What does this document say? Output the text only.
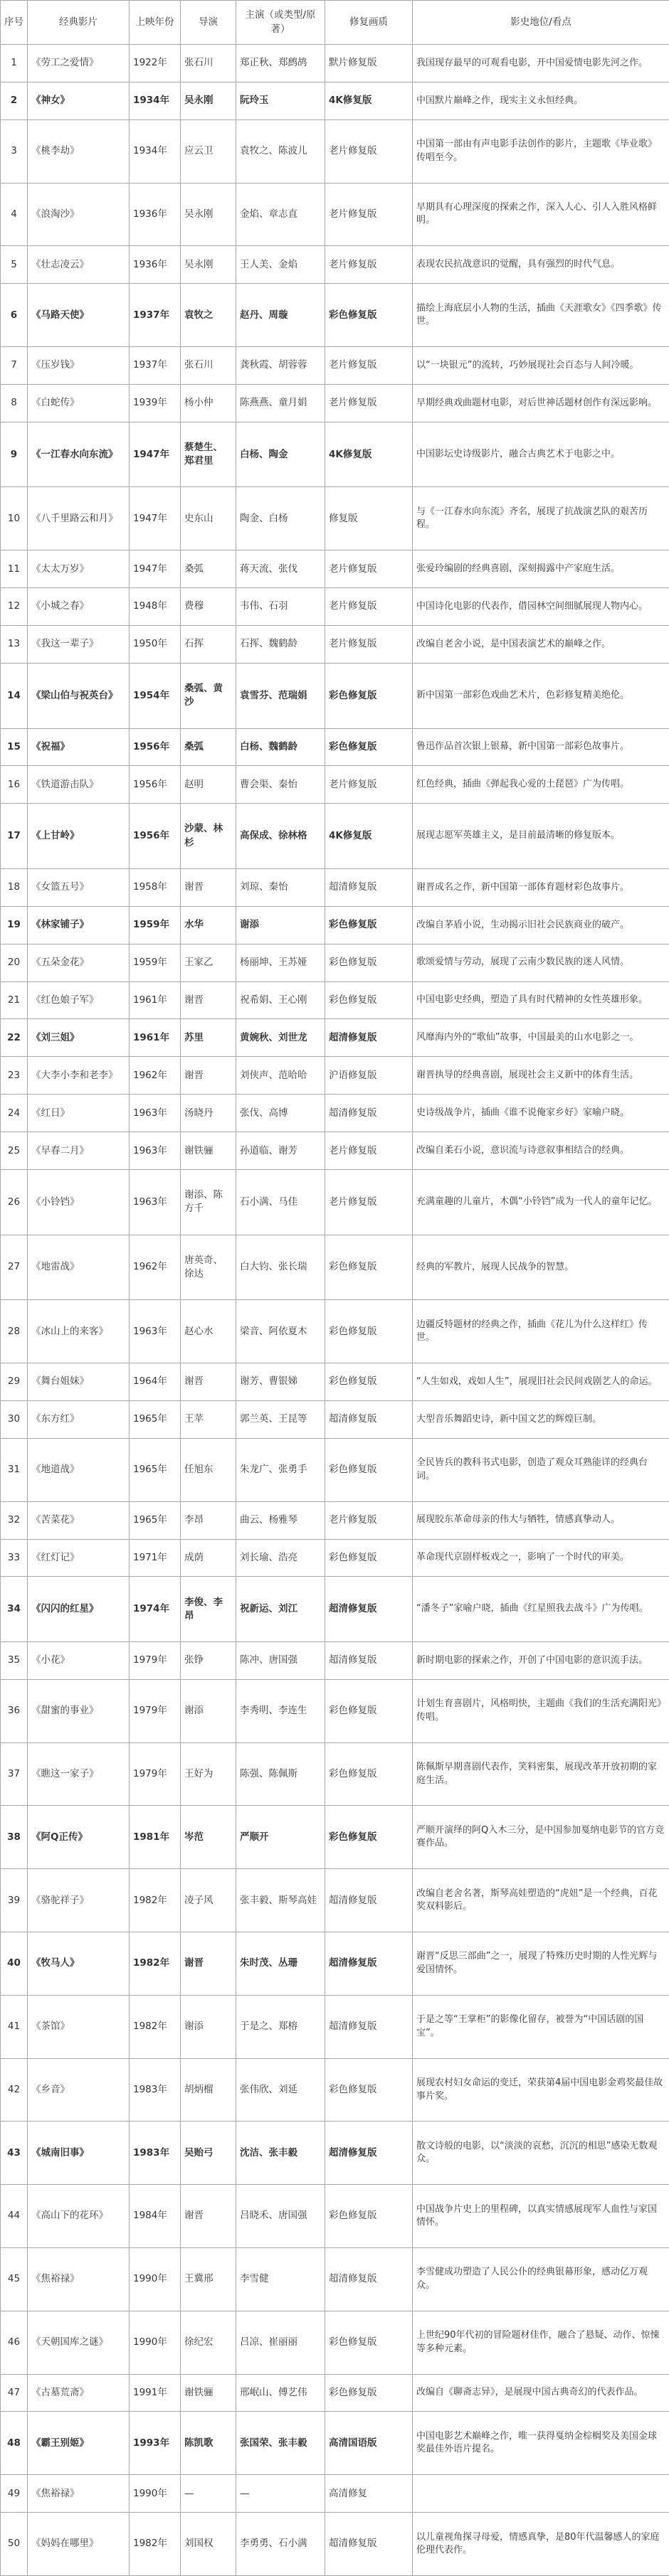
序号	经典影片	上映年份	导演	主演（或类型/原著）	修复画质	影史地位/看点
1	《劳工之爱情》	1922年	张石川	郑正秋、郑鹧鸪	默片修复版	我国现存最早的可观看电影，开中国爱情电影先河之作。
2	《神女》	1934年	吴永刚	阮玲玉	4K修复版	中国默片巅峰之作，现实主义永恒经典。
3	《桃李劫》	1934年	应云卫	袁牧之、陈波儿	老片修复版	中国第一部由有声电影手法创作的影片，主题歌《毕业歌》传唱至今。
4	《浪淘沙》	1936年	吴永刚	金焰、章志直	老片修复版	早期具有心理深度的探索之作，深入人心、引人入胜风格鲜明。
5	《壮志凌云》	1936年	吴永刚	王人美、金焰	老片修复版	表现农民抗战意识的觉醒，具有强烈的时代气息。
6	《马路天使》	1937年	袁牧之	赵丹、周璇	彩色修复版	描绘上海底层小人物的生活，插曲《天涯歌女》《四季歌》传世。
7	《压岁钱》	1937年	张石川	龚秋霞、胡蓉蓉	老片修复版	以“一块银元”的流转，巧妙展现社会百态与人间冷暖。
8	《白蛇传》	1939年	杨小仲	陈燕燕、童月娟	老片修复版	早期经典戏曲题材电影，对后世神话题材创作有深远影响。
9	《一江春水向东流》	1947年	蔡楚生、郑君里	白杨、陶金	4K修复版	中国影坛史诗级影片，融合古典艺术于电影之中。
10	《八千里路云和月》	1947年	史东山	陶金、白杨	修复版	与《一江春水向东流》齐名，展现了抗战演艺队的艰苦历程。
11	《太太万岁》	1947年	桑弧	蒋天流、张伐	老片修复版	张爱玲编剧的经典喜剧，深刻揭露中产家庭生活。
12	《小城之春》	1948年	费穆	韦伟、石羽	老片修复版	中国诗化电影的代表作，借园林空间细腻展现人物内心。
13	《我这一辈子》	1950年	石挥	石挥、魏鹤龄	老片修复版	改编自老舍小说，是中国表演艺术的巅峰之作。
14	《梁山伯与祝英台》	1954年	桑弧、黄沙	袁雪芬、范瑞娟	彩色修复版	新中国第一部彩色戏曲艺术片，色彩修复精美绝伦。
15	《祝福》	1956年	桑弧	白杨、魏鹤龄	彩色修复版	鲁迅作品首次银上银幕，新中国第一部彩色故事片。
16	《铁道游击队》	1956年	赵明	曹会渠、秦怡	老片修复版	红色经典，插曲《弹起我心爱的土琵琶》广为传唱。
17	《上甘岭》	1956年	沙蒙、林杉	高保成、徐林格	4K修复版	展现志愿军英雄主义，是目前最清晰的修复版本。
18	《女篮五号》	1958年	谢晋	刘琼、秦怡	超清修复版	谢晋成名之作，新中国第一部体育题材彩色故事片。
19	《林家铺子》	1959年	水华	谢添	彩色修复版	改编自茅盾小说，生动揭示旧社会民族商业的破产。
20	《五朵金花》	1959年	王家乙	杨丽坤、王苏娅	彩色修复版	歌颂爱情与劳动，展现了云南少数民族的迷人风情。
21	《红色娘子军》	1961年	谢晋	祝希娟、王心刚	彩色修复版	中国电影史经典，塑造了具有时代精神的女性英雄形象。
22	《刘三姐》	1961年	苏里	黄婉秋、刘世龙	超清修复版	风靡海内外的“歌仙”故事，中国最美的山水电影之一。
23	《大李小李和老李》	1962年	谢晋	刘侠声、范哈哈	沪语修复版	谢晋执导的经典喜剧，展现社会主义新中的体育生活。
24	《红日》	1963年	汤晓丹	张伐、高博	超清修复版	史诗级战争片，插曲《谁不说俺家乡好》家喻户晓。
25	《早春二月》	1963年	谢铁骊	孙道临、谢芳	老片修复版	改编自柔石小说，意识流与诗意叙事相结合的经典。
26	《小铃铛》	1963年	谢添、陈方千	石小满、马佳	老片修复版	充满童趣的儿童片，木偶“小铃铛”成为一代人的童年记忆。
27	《地雷战》	1962年	唐英奇、徐达	白大钧、张长瑞	彩色修复版	经典的军教片，展现人民战争的智慧。
28	《冰山上的来客》	1963年	赵心水	梁音、阿依夏木	彩色修复版	边疆反特题材的经典之作，插曲《花儿为什么这样红》传世。
29	《舞台姐妹》	1964年	谢晋	谢芳、曹银娣	彩色修复版	“人生如戏，戏如人生”，展现旧社会民间戏剧艺人的命运。
30	《东方红》	1965年	王苹	郭兰英、王昆等	超清修复版	大型音乐舞蹈史诗，新中国文艺的辉煌巨制。
31	《地道战》	1965年	任旭东	朱龙广、张勇手	彩色修复版	全民皆兵的教科书式电影，创造了观众耳熟能详的经典台词。
32	《苦菜花》	1965年	李昂	曲云、杨雅琴	老片修复版	展现胶东革命母亲的伟大与牺牲，情感真挚动人。
33	《红灯记》	1971年	成荫	刘长瑜、浩亮	彩色修复版	革命现代京剧样板戏之一，影响了一个时代的审美。
34	《闪闪的红星》	1974年	李俊、李昂	祝新运、刘江	超清修复版	“潘冬子”家喻户晓，插曲《红星照我去战斗》广为传唱。
35	《小花》	1979年	张铮	陈冲、唐国强	超清修复版	新时期电影的探索之作，开创了中国电影的意识流手法。
36	《甜蜜的事业》	1979年	谢添	李秀明、李连生	彩色修复版	计划生育喜剧片，风格明快，主题曲《我们的生活充满阳光》传唱。
37	《瞧这一家子》	1979年	王好为	陈强、陈佩斯	彩色修复版	陈佩斯早期喜剧代表作，笑料密集，展现改革开放初期的家庭生活。
38	《阿Q正传》	1981年	岑范	严顺开	彩色修复版	严顺开演绎的阿Q入木三分，是中国参加戛纳电影节的官方竞赛作品。
39	《骆驼祥子》	1982年	凌子风	张丰毅、斯琴高娃	超清修复版	改编自老舍名著，斯琴高娃塑造的“虎妞”是一个经典，百花奖双料影后。
40	《牧马人》	1982年	谢晋	朱时茂、丛珊	超清修复版	谢晋“反思三部曲”之一，展现了特殊历史时期的人性光辉与爱国情怀。
41	《茶馆》	1982年	谢添	于是之、郑榕	超清修复版	于是之等“王掌柜”的影像化留存，被誉为“中国话剧的国宝”。
42	《乡音》	1983年	胡炳榴	张伟欣、刘延	彩色修复版	展现农村妇女命运的变迁，荣获第4届中国电影金鸡奖最佳故事片奖。
43	《城南旧事》	1983年	吴贻弓	沈洁、张丰毅	超清修复版	散文诗般的电影，以“淡淡的哀愁，沉沉的相思”感染无数观众。
44	《高山下的花环》	1984年	谢晋	吕晓禾、唐国强	彩色修复版	中国战争片史上的里程碑，以真实情感展现军人血性与家国情怀。
45	《焦裕禄》	1990年	王冀邢	李雪健	超清修复版	李雪健成功塑造了人民公仆的经典银幕形象，感动亿万观众。
46	《天朝国库之谜》	1990年	徐纪宏	吕凉、崔丽丽	彩色修复版	上世纪90年代初的冒险题材佳作，融合了悬疑、动作、惊悚等多种元素。
47	《古墓荒斋》	1991年	谢铁骊	邢岷山、傅艺伟	彩色修复版	改编自《聊斋志异》，是展现中国古典奇幻的代表作品。
48	《霸王别姬》	1993年	陈凯歌	张国荣、张丰毅	高清国语版	中国电影艺术巅峰之作，唯一获得戛纳金棕榈奖及美国金球奖最佳外语片提名。
49	《焦裕禄》	1990年	—	—	高清修复	
50	《妈妈在哪里》	1982年	刘国权	李勇勇、石小满	超清修复版	以儿童视角探寻母爱，情感真挚，是80年代温馨感人的家庭伦理代表作。
